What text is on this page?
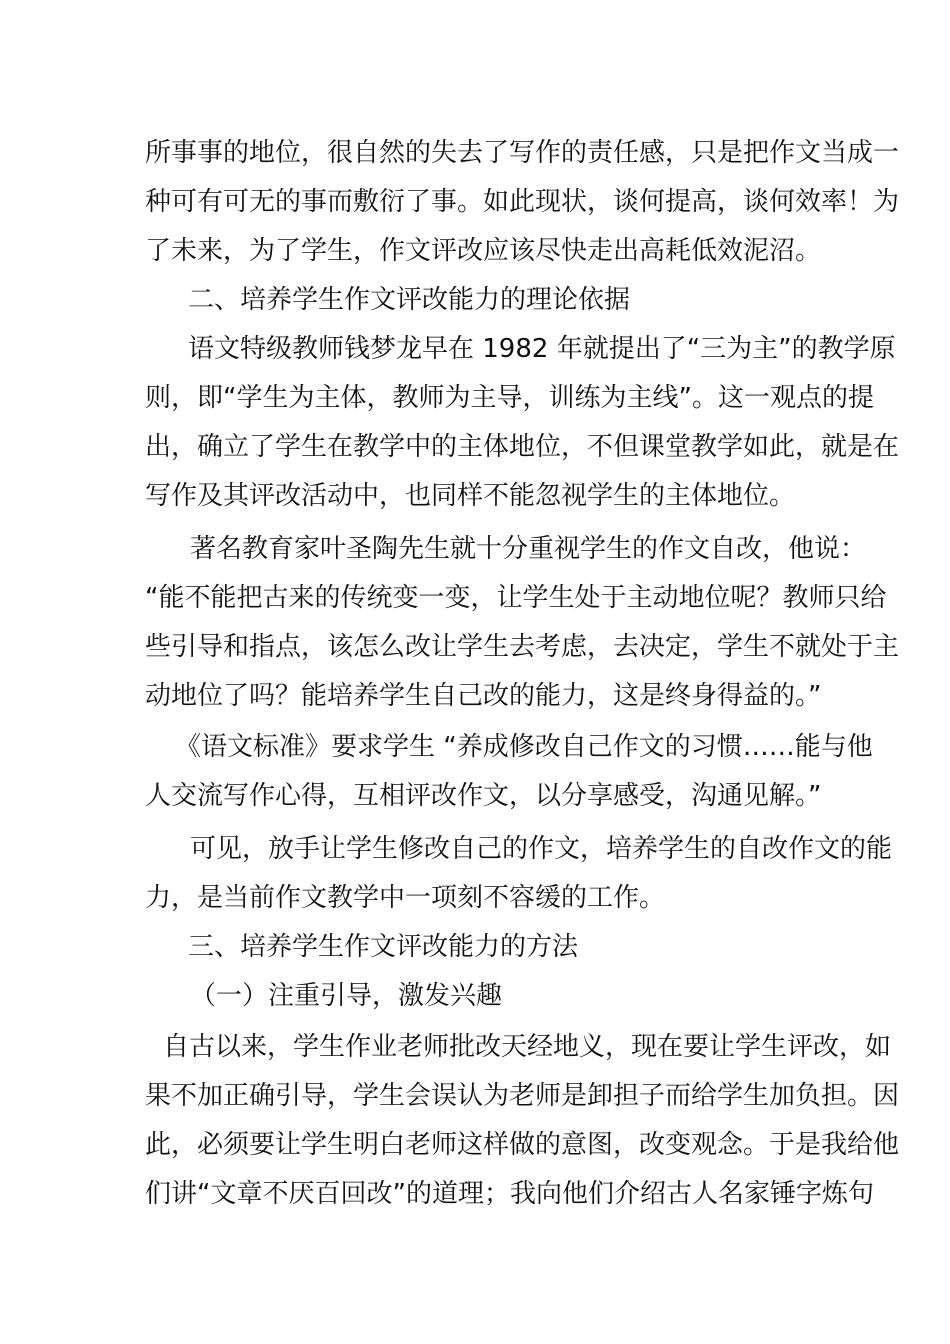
所事事的地位，很自然的失去了写作的责任感，只是把作文当成一
种可有可无的事而敷衍了事。如此现状，谈何提高，谈何效率！为
了未来，为了学生，作文评改应该尽快走出高耗低效泥沼。
二、培养学生作文评改能力的理论依据
语文特级教师钱梦龙早在 1982 年就提出了“三为主”的教学原
则，即“学生为主体，教师为主导，训练为主线”。这一观点的提
出，确立了学生在教学中的主体地位，不但课堂教学如此，就是在
写作及其评改活动中，也同样不能忽视学生的主体地位。
著名教育家叶圣陶先生就十分重视学生的作文自改，他说：
“能不能把古来的传统变一变，让学生处于主动地位呢？教师只给
些引导和指点，该怎么改让学生去考虑，去决定，学生不就处于主
动地位了吗？能培养学生自己改的能力，这是终身得益的。”
《语文标准》要求学生 “养成修改自己作文的习惯……能与他
人交流写作心得，互相评改作文，以分享感受，沟通见解。”
可见，放手让学生修改自己的作文，培养学生的自改作文的能
力，是当前作文教学中一项刻不容缓的工作。
三、培养学生作文评改能力的方法
（一）注重引导，激发兴趣
自古以来，学生作业老师批改天经地义，现在要让学生评改，如
果不加正确引导，学生会误认为老师是卸担子而给学生加负担。因
此，必须要让学生明白老师这样做的意图，改变观念。于是我给他
们讲“文章不厌百回改”的道理；我向他们介绍古人名家锤字炼句
